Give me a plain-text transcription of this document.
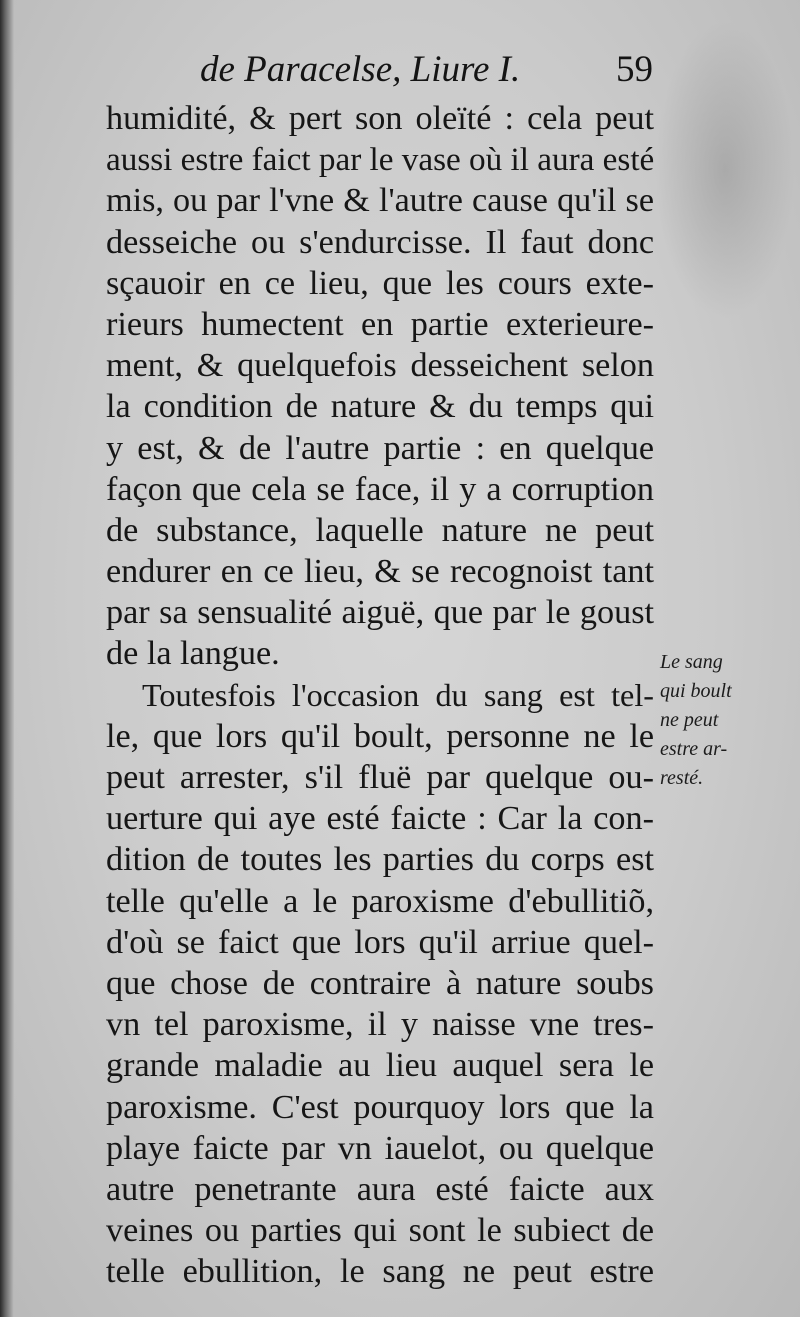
de Paracelse, Liure I.	59
humidité, & pert son oleïté : cela peut
aussi estre faict par le vase où il aura esté
mis, ou par l'vne & l'autre cause qu'il se
desseiche ou s'endurcisse. Il faut donc
sçauoir en ce lieu, que les cours exte-
rieurs humectent en partie exterieure-
ment, & quelquefois desseichent selon
la condition de nature & du temps qui
y est, & de l'autre partie : en quelque
façon que cela se face, il y a corruption
de substance, laquelle nature ne peut
endurer en ce lieu, & se recognoist tant
par sa sensualité aiguë, que par le goust
de la langue.
Toutesfois l'occasion du sang est tel-
le, que lors qu'il boult, personne ne le
peut arrester, s'il fluë par quelque ou-
uerture qui aye esté faicte : Car la con-
dition de toutes les parties du corps est
telle qu'elle a le paroxisme d'ebullitiõ,
d'où se faict que lors qu'il arriue quel-
que chose de contraire à nature soubs
vn tel paroxisme, il y naisse vne tres-
grande maladie au lieu auquel sera le
paroxisme. C'est pourquoy lors que la
playe faicte par vn iauelot, ou quelque
autre penetrante aura esté faicte aux
veines ou parties qui sont le subiect de
telle ebullition, le sang ne peut estre
Le sang
qui boult
ne peut
estre ar-
resté.
